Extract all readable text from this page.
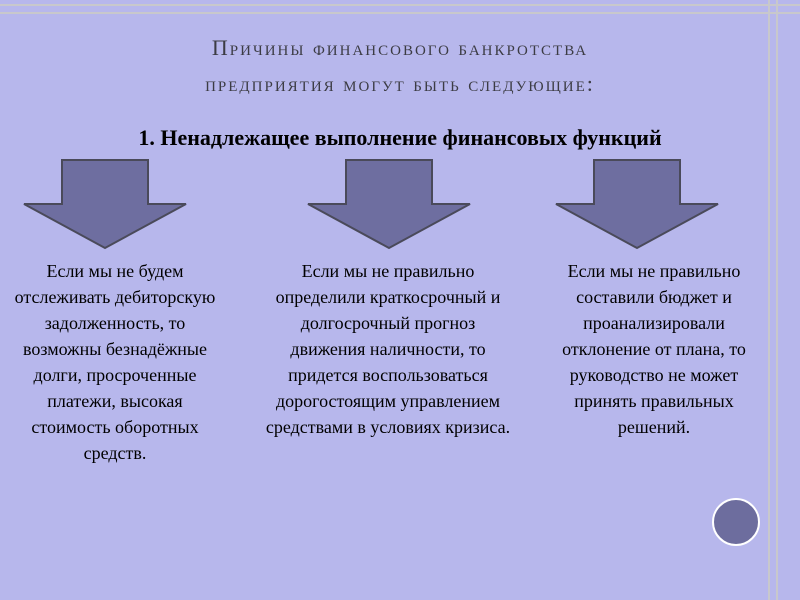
Причины финансового банкротства
предприятия могут быть следующие:
1. Ненадлежащее выполнение финансовых функций
Если мы не будем отслеживать дебиторскую задолженность, то возможны безнадёжные долги, просроченные платежи, высокая стоимость оборотных средств.
Если мы не правильно определили краткосрочный и долгосрочный прогноз движения наличности, то придется воспользоваться дорогостоящим управлением средствами в условиях кризиса.
Если мы не правильно составили бюджет и проанализировали отклонение от плана, то руководство не может принять правильных решений.
